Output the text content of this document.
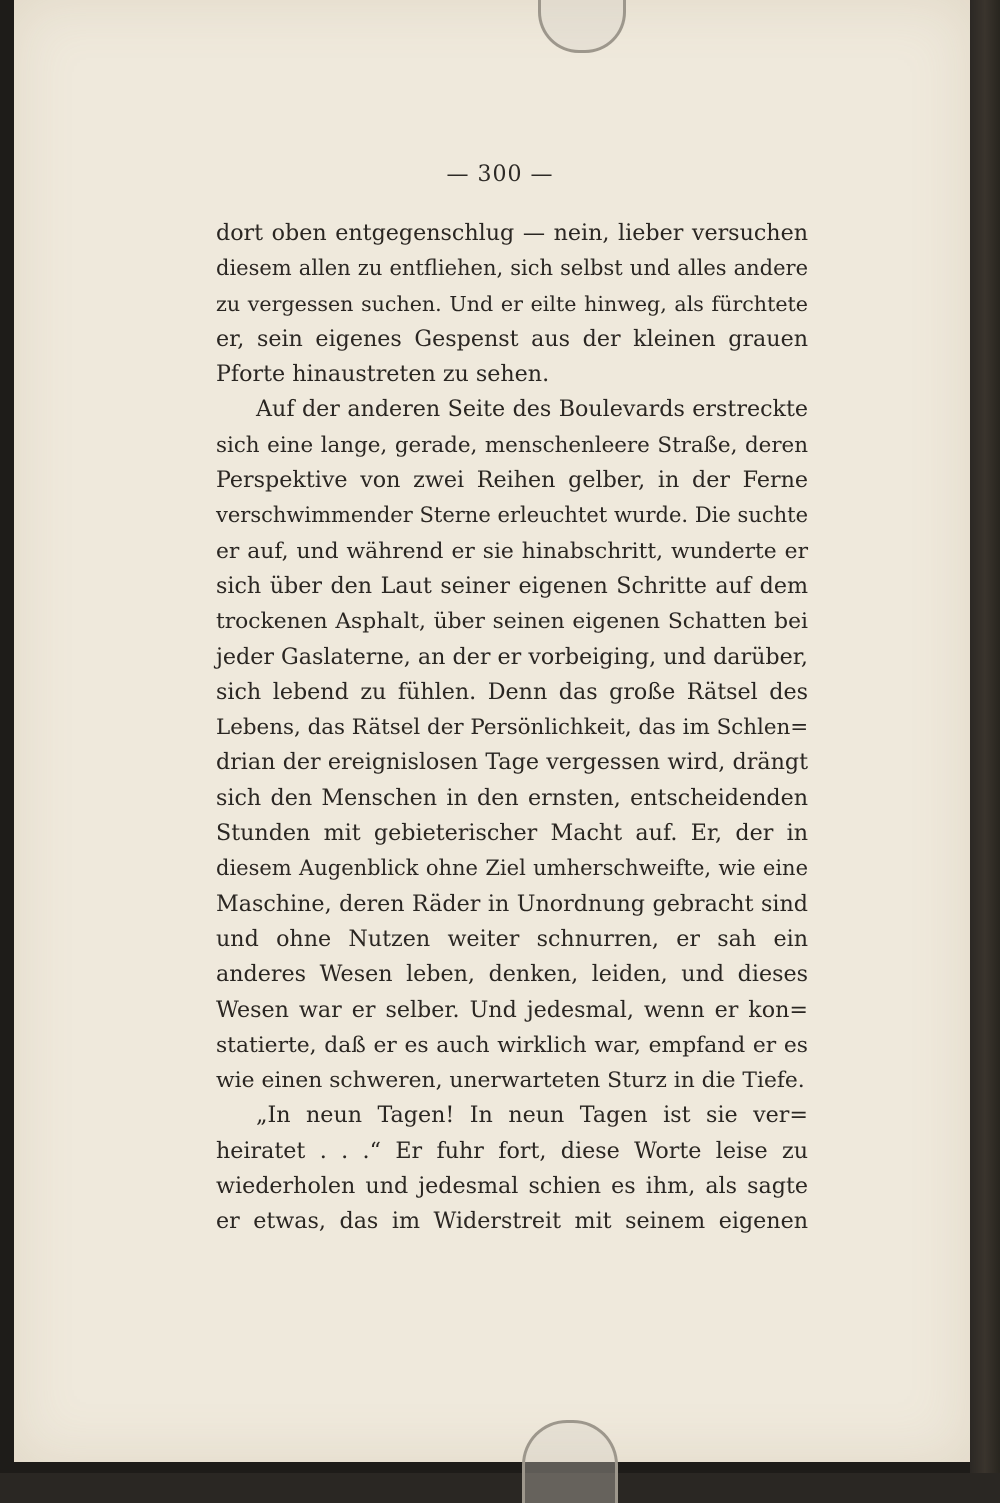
— 300 —
dort oben entgegenschlug — nein, lieber versuchen
diesem allen zu entfliehen, sich selbst und alles andere
zu vergessen suchen. Und er eilte hinweg, als fürchtete
er, sein eigenes Gespenst aus der kleinen grauen
Pforte hinaustreten zu sehen.
Auf der anderen Seite des Boulevards erstreckte
sich eine lange, gerade, menschenleere Straße, deren
Perspektive von zwei Reihen gelber, in der Ferne
verschwimmender Sterne erleuchtet wurde. Die suchte
er auf, und während er sie hinabschritt, wunderte er
sich über den Laut seiner eigenen Schritte auf dem
trockenen Asphalt, über seinen eigenen Schatten bei
jeder Gaslaterne, an der er vorbeiging, und darüber,
sich lebend zu fühlen. Denn das große Rätsel des
Lebens, das Rätsel der Persönlichkeit, das im Schlen=
drian der ereignislosen Tage vergessen wird, drängt
sich den Menschen in den ernsten, entscheidenden
Stunden mit gebieterischer Macht auf. Er, der in
diesem Augenblick ohne Ziel umherschweifte, wie eine
Maschine, deren Räder in Unordnung gebracht sind
und ohne Nutzen weiter schnurren, er sah ein
anderes Wesen leben, denken, leiden, und dieses
Wesen war er selber. Und jedesmal, wenn er kon=
statierte, daß er es auch wirklich war, empfand er es
wie einen schweren, unerwarteten Sturz in die Tiefe.
„In neun Tagen! In neun Tagen ist sie ver=
heiratet . . .“ Er fuhr fort, diese Worte leise zu
wiederholen und jedesmal schien es ihm, als sagte
er etwas, das im Widerstreit mit seinem eigenen
